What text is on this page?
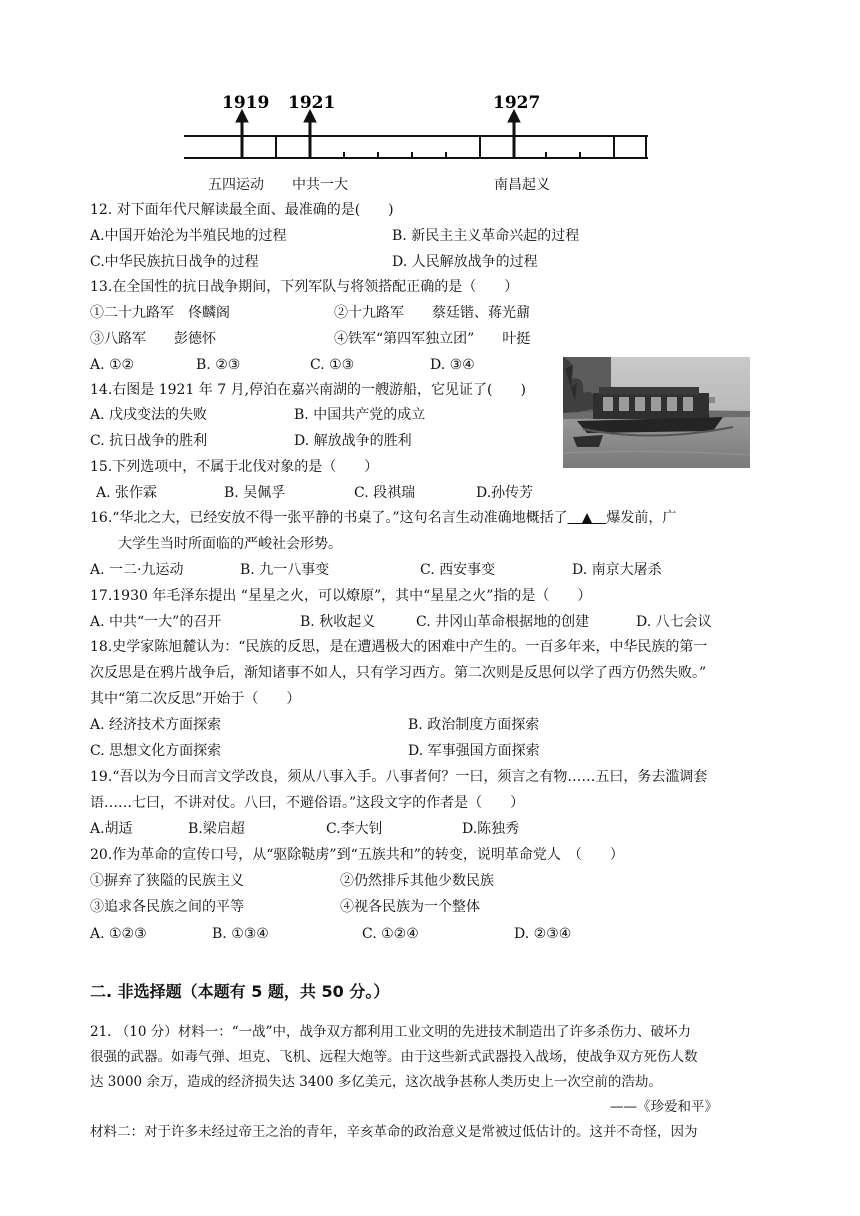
1919 1921	1927
五四运动 中共一大	南昌起义
12. 对下面年代尺解读最全面、最准确的是(　　)
A.中国开始沦为半殖民地的过程	B. 新民主主义革命兴起的过程
C.中华民族抗日战争的过程	D. 人民解放战争的过程
13.在全国性的抗日战争期间，下列军队与将领搭配正确的是（　　）
①二十九路军　佟麟阁	②十九路军　　蔡廷锴、蒋光鼐
③八路军　　彭德怀	④铁军“第四军独立团”　　叶挺
A. ①②	B. ②③	C. ①③	D. ③④
14.右图是 1921 年 7 月,停泊在嘉兴南湖的一艘游船，它见证了(　　)
A. 戊戌变法的失败	B. 中国共产党的成立
C. 抗日战争的胜利	D. 解放战争的胜利
15.下列选项中，不属于北伐对象的是（　　）
A. 张作霖	B. 吴佩孚	C. 段祺瑞	D.孙传芳
16.“华北之大，已经安放不得一张平静的书桌了。”这句名言生动准确地概括了　▲　爆发前，广
大学生当时所面临的严峻社会形势。
A. 一二·九运动	B. 九一八事变	C. 西安事变	D. 南京大屠杀
17.1930 年毛泽东提出 “星星之火，可以燎原”，其中“星星之火”指的是（　　）
A. 中共“一大”的召开	B. 秋收起义	C. 井冈山革命根据地的创建	D. 八七会议
18.史学家陈旭麓认为：“民族的反思，是在遭遇极大的困难中产生的。一百多年来，中华民族的第一
次反思是在鸦片战争后，渐知诸事不如人，只有学习西方。第二次则是反思何以学了西方仍然失败。”
其中“第二次反思”开始于（　　）
A. 经济技术方面探索	B. 政治制度方面探索
C. 思想文化方面探索	D. 军事强国方面探索
19.“吾以为今日而言文学改良，须从八事入手。八事者何？一曰，须言之有物……五曰，务去滥调套
语……七曰，不讲对仗。八曰，不避俗语。”这段文字的作者是（　　）
A.胡适	B.梁启超	C.李大钊	D.陈独秀
20.作为革命的宣传口号，从“驱除鞑虏”到“五族共和”的转变，说明革命党人　（　　）
①摒弃了狭隘的民族主义	②仍然排斥其他少数民族
③追求各民族之间的平等	④视各民族为一个整体
A. ①②③	B. ①③④	C. ①②④	D. ②③④
二. 非选择题（本题有 5 题，共 50 分。）
21. （10 分）材料一：“一战”中，战争双方都利用工业文明的先进技术制造出了许多杀伤力、破坏力
很强的武器。如毒气弹、坦克、飞机、远程大炮等。由于这些新式武器投入战场，使战争双方死伤人数
达 3000 余万，造成的经济损失达 3400 多亿美元，这次战争甚称人类历史上一次空前的浩劫。
——《珍爱和平》
材料二：对于许多未经过帝王之治的青年，辛亥革命的政治意义是常被过低估计的。这并不奇怪，因为
